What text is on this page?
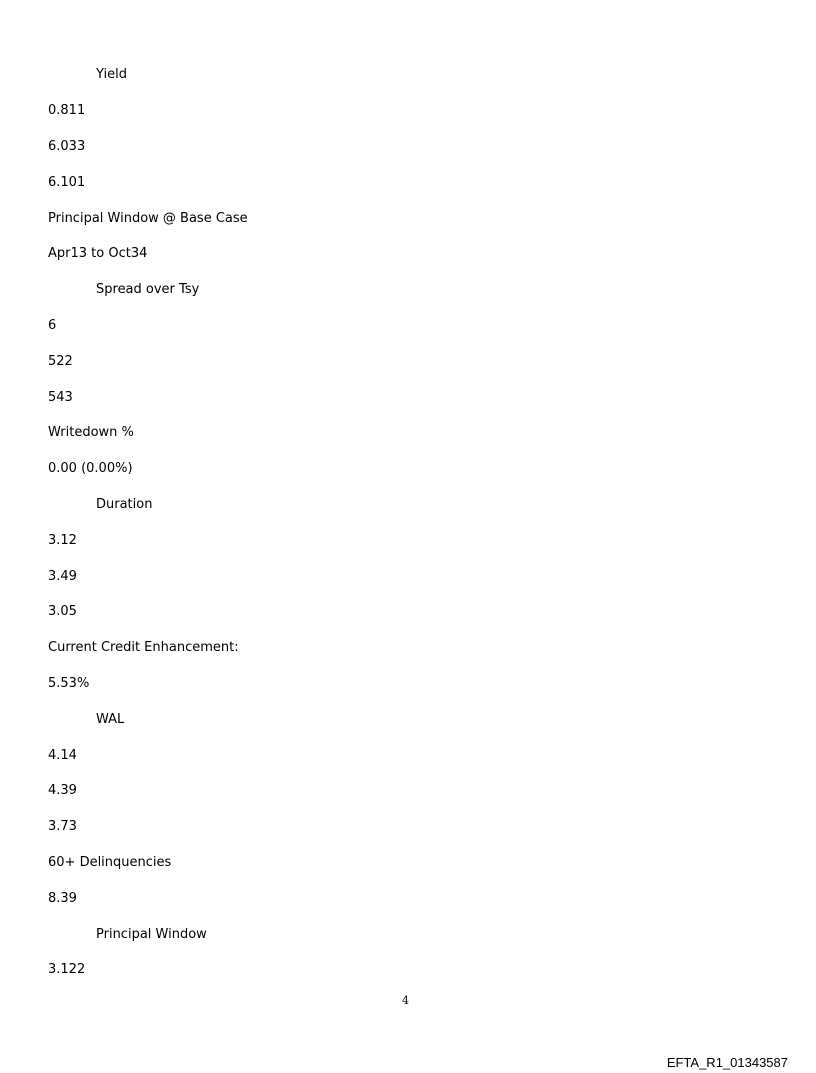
Yield
0.811
6.033
6.101
Principal Window @ Base Case
Apr13 to Oct34
Spread over Tsy
6
522
543
Writedown %
0.00 (0.00%)
Duration
3.12
3.49
3.05
Current Credit Enhancement:
5.53%
WAL
4.14
4.39
3.73
60+ Delinquencies
8.39
Principal Window
3.122
4
EFTA_R1_01343587
